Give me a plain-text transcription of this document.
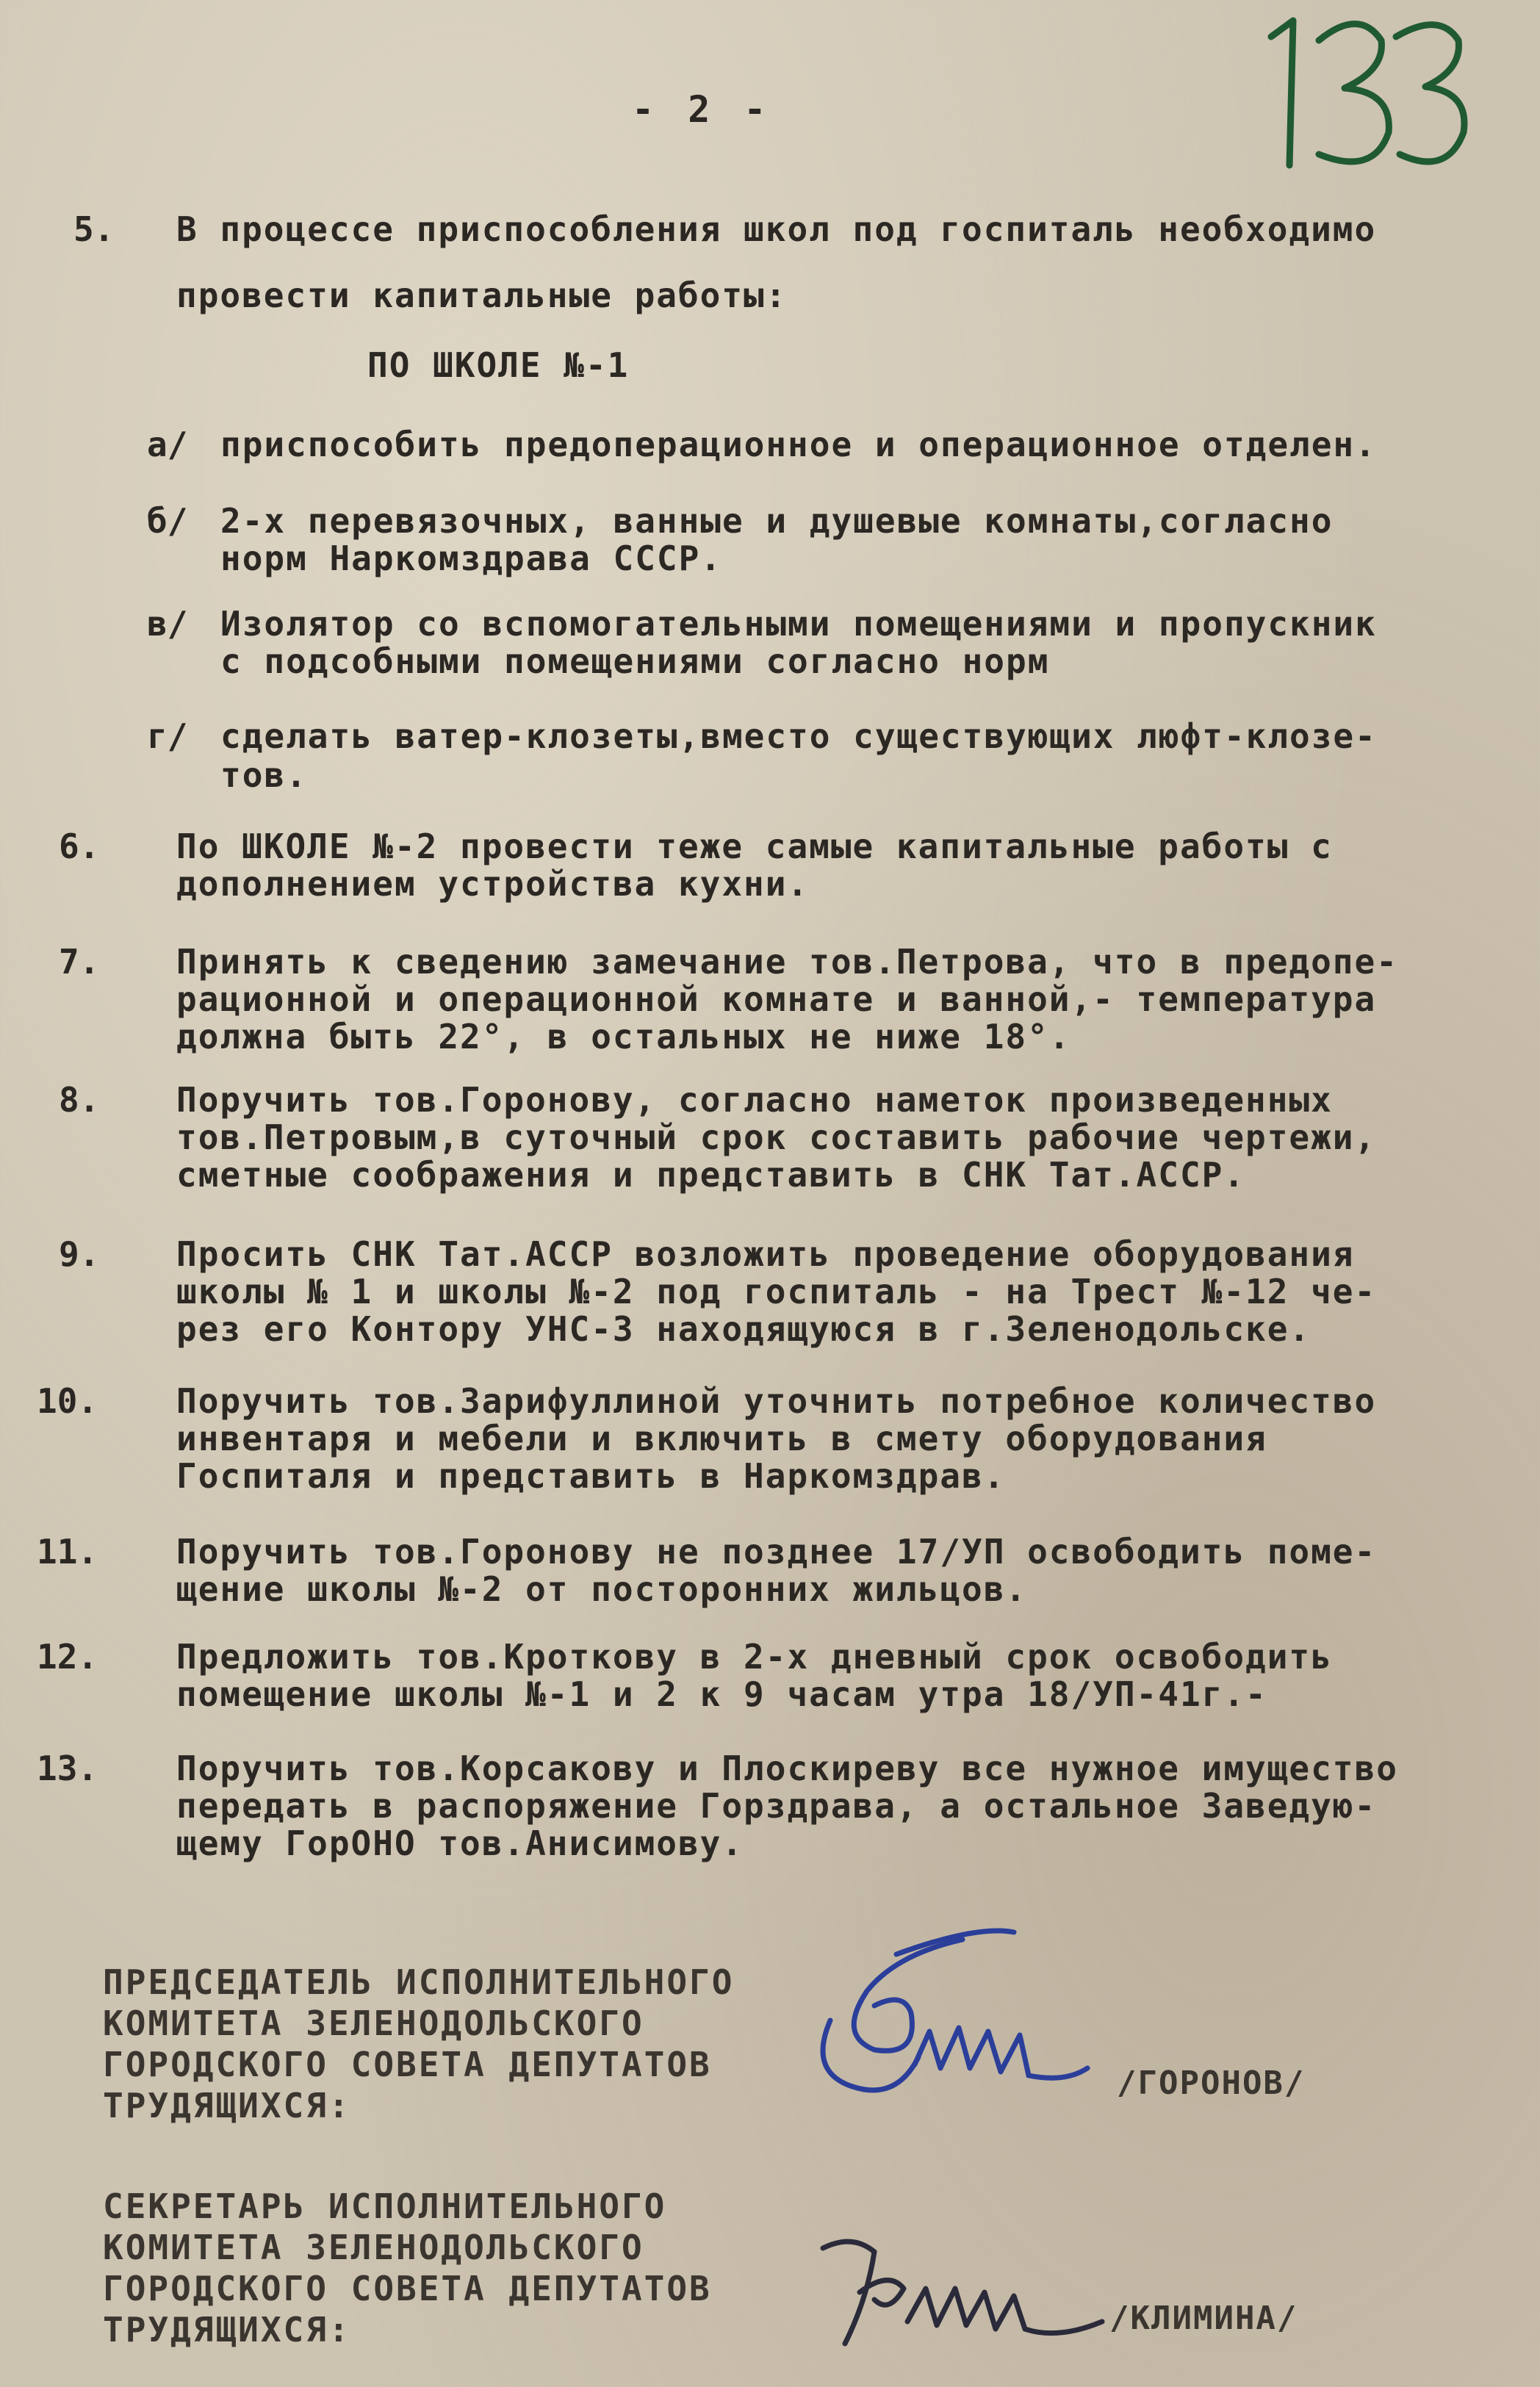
- 2 -
5. В процессе приспособления школ под госпиталь необходимо
провести капитальные работы:
ПО ШКОЛЕ №-1
а/ приспособить предоперационное и операционное отделен.
б/ 2-х перевязочных, ванные и душевые комнаты,согласно
норм Наркомздрава СССР.
в/ Изолятор со вспомогательными помещениями и пропускник
с подсобными помещениями согласно норм
г/ сделать ватер-клозеты,вместо существующих люфт-клозе-
тов.
6. По ШКОЛЕ №-2 провести теже самые капитальные работы с
дополнением устройства кухни.
7. Принять к сведению замечание тов.Петрова, что в предопе-
рационной и операционной комнате и ванной,- температура
должна быть 22°, в остальных не ниже 18°.
8. Поручить тов.Горонову, согласно наметок произведенных
тов.Петровым,в суточный срок составить рабочие чертежи,
сметные соображения и представить в СНК Тат.АССР.
9. Просить СНК Тат.АССР возложить проведение оборудования
школы № 1 и школы №-2 под госпиталь - на Трест №-12 че-
рез его Контору УНС-3 находящуюся в г.Зеленодольске.
10. Поручить тов.Зарифуллиной уточнить потребное количество
инвентаря и мебели и включить в смету оборудования
Госпиталя и представить в Наркомздрав.
11. Поручить тов.Горонову не позднее 17/УП освободить поме-
щение школы №-2 от посторонних жильцов.
12. Предложить тов.Кроткову в 2-х дневный срок освободить
помещение школы №-1 и 2 к 9 часам утра 18/УП-41г.-
13. Поручить тов.Корсакову и Плоскиреву все нужное имущество
передать в распоряжение Горздрава, а остальное Заведую-
щему ГорОНО тов.Анисимову.
ПРЕДСЕДАТЕЛЬ ИСПОЛНИТЕЛЬНОГО
КОМИТЕТА ЗЕЛЕНОДОЛЬСКОГО
ГОРОДСКОГО СОВЕТА ДЕПУТАТОВ
ТРУДЯЩИХСЯ:
/ГОРОНОВ/
СЕКРЕТАРЬ ИСПОЛНИТЕЛЬНОГО
КОМИТЕТА ЗЕЛЕНОДОЛЬСКОГО
ГОРОДСКОГО СОВЕТА ДЕПУТАТОВ
ТРУДЯЩИХСЯ:	/КЛИМИНА/
